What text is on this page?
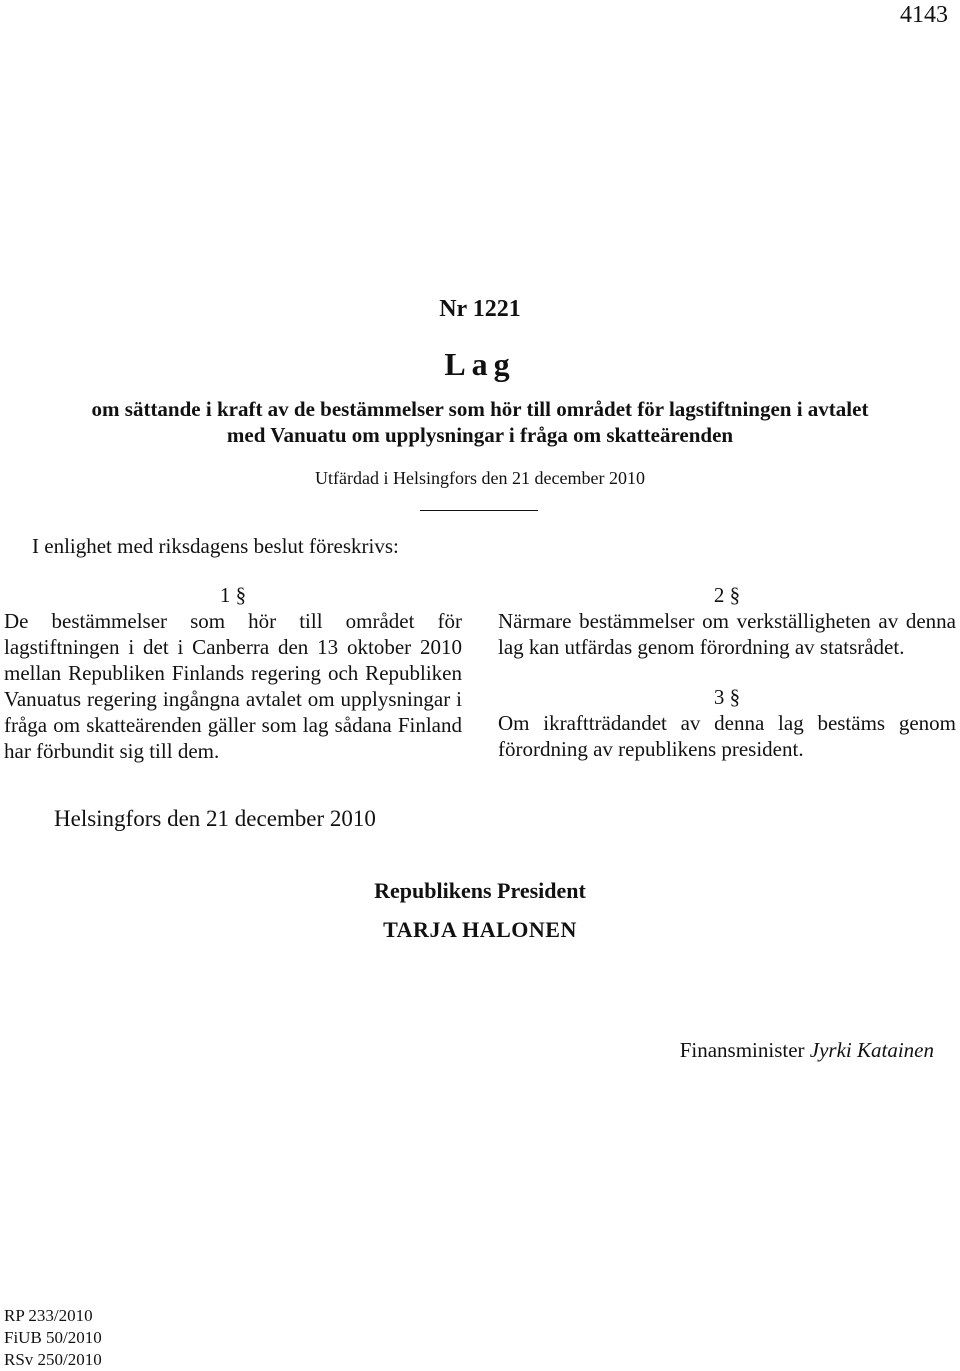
4143
Nr 1221
Lag
om sättande i kraft av de bestämmelser som hör till området för lagstiftningen i avtalet
med Vanuatu om upplysningar i fråga om skatteärenden
Utfärdad i Helsingfors den 21 december 2010
I enlighet med riksdagens beslut föreskrivs:
1 §
De bestämmelser som hör till området för lagstiftningen i det i Canberra den 13 oktober 2010 mellan Republiken Finlands regering och Republiken Vanuatus regering ingångna avtalet om upplysningar i fråga om skatteärenden gäller som lag sådana Finland har förbundit sig till dem.
2 §
Närmare bestämmelser om verkställigheten av denna lag kan utfärdas genom förordning av statsrådet.
3 §
Om ikraftträdandet av denna lag bestäms genom förordning av republikens president.
Helsingfors den 21 december 2010
Republikens President
TARJA HALONEN
Finansminister Jyrki Katainen
RP 233/2010
FiUB 50/2010
RSv 250/2010
